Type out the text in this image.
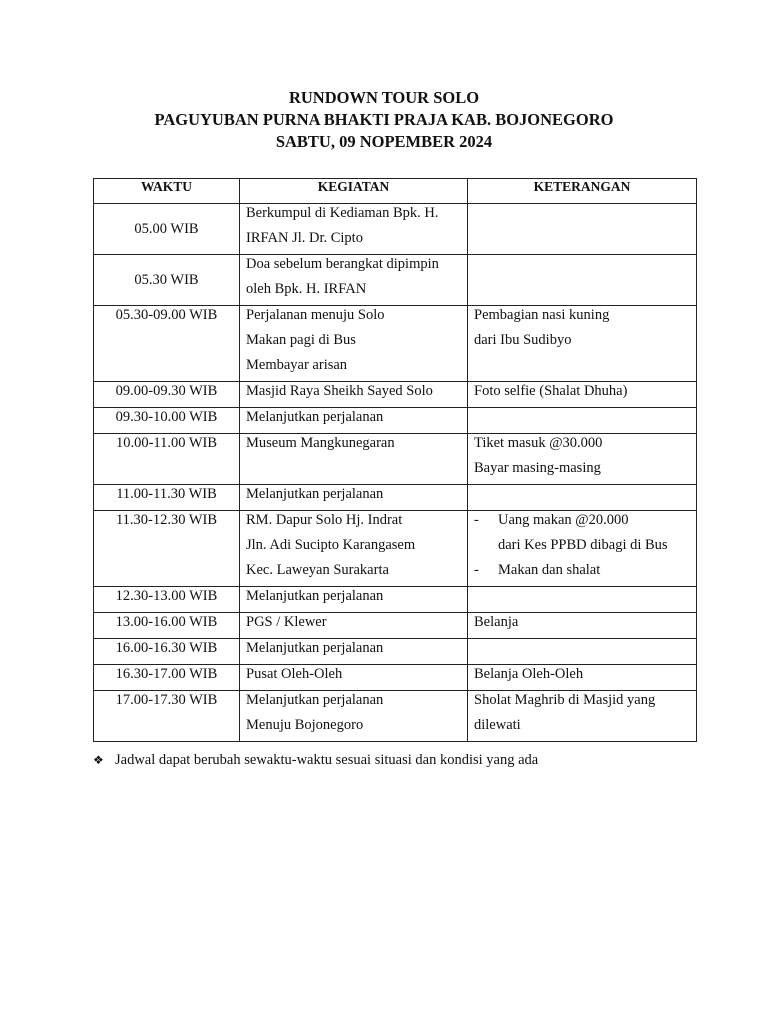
RUNDOWN TOUR SOLO
PAGUYUBAN PURNA BHAKTI PRAJA KAB. BOJONEGORO
SABTU, 09 NOPEMBER 2024
WAKTU	KEGIATAN	KETERANGAN

05.00 WIB	Berkumpul di Kediaman Bpk. H.
IRFAN Jl. Dr. Cipto	

05.30 WIB	Doa sebelum berangkat dipimpin
oleh Bpk. H. IRFAN	

05.30-09.00 WIB	Perjalanan menuju Solo
Makan pagi di Bus
Membayar arisan	Pembagian nasi kuning
dari Ibu Sudibyo

09.00-09.30 WIB	Masjid Raya Sheikh Sayed Solo	Foto selfie (Shalat Dhuha)

09.30-10.00 WIB	Melanjutkan perjalanan	

10.00-11.00 WIB	Museum Mangkunegaran	Tiket masuk @30.000
Bayar masing-masing

11.00-11.30 WIB	Melanjutkan perjalanan	

11.30-12.30 WIB	RM. Dapur Solo Hj. Indrat
Jln. Adi Sucipto Karangasem
Kec. Laweyan Surakarta	- Uang makan @20.000
dari Kes PPBD dibagi di Bus
- Makan dan shalat

12.30-13.00 WIB	Melanjutkan perjalanan	

13.00-16.00 WIB	PGS / Klewer	Belanja

16.00-16.30 WIB	Melanjutkan perjalanan	

16.30-17.00 WIB	Pusat Oleh-Oleh	Belanja Oleh-Oleh

17.00-17.30 WIB	Melanjutkan perjalanan
Menuju Bojonegoro	Sholat Maghrib di Masjid yang
dilewati
❖ Jadwal dapat berubah sewaktu-waktu sesuai situasi dan kondisi yang ada
